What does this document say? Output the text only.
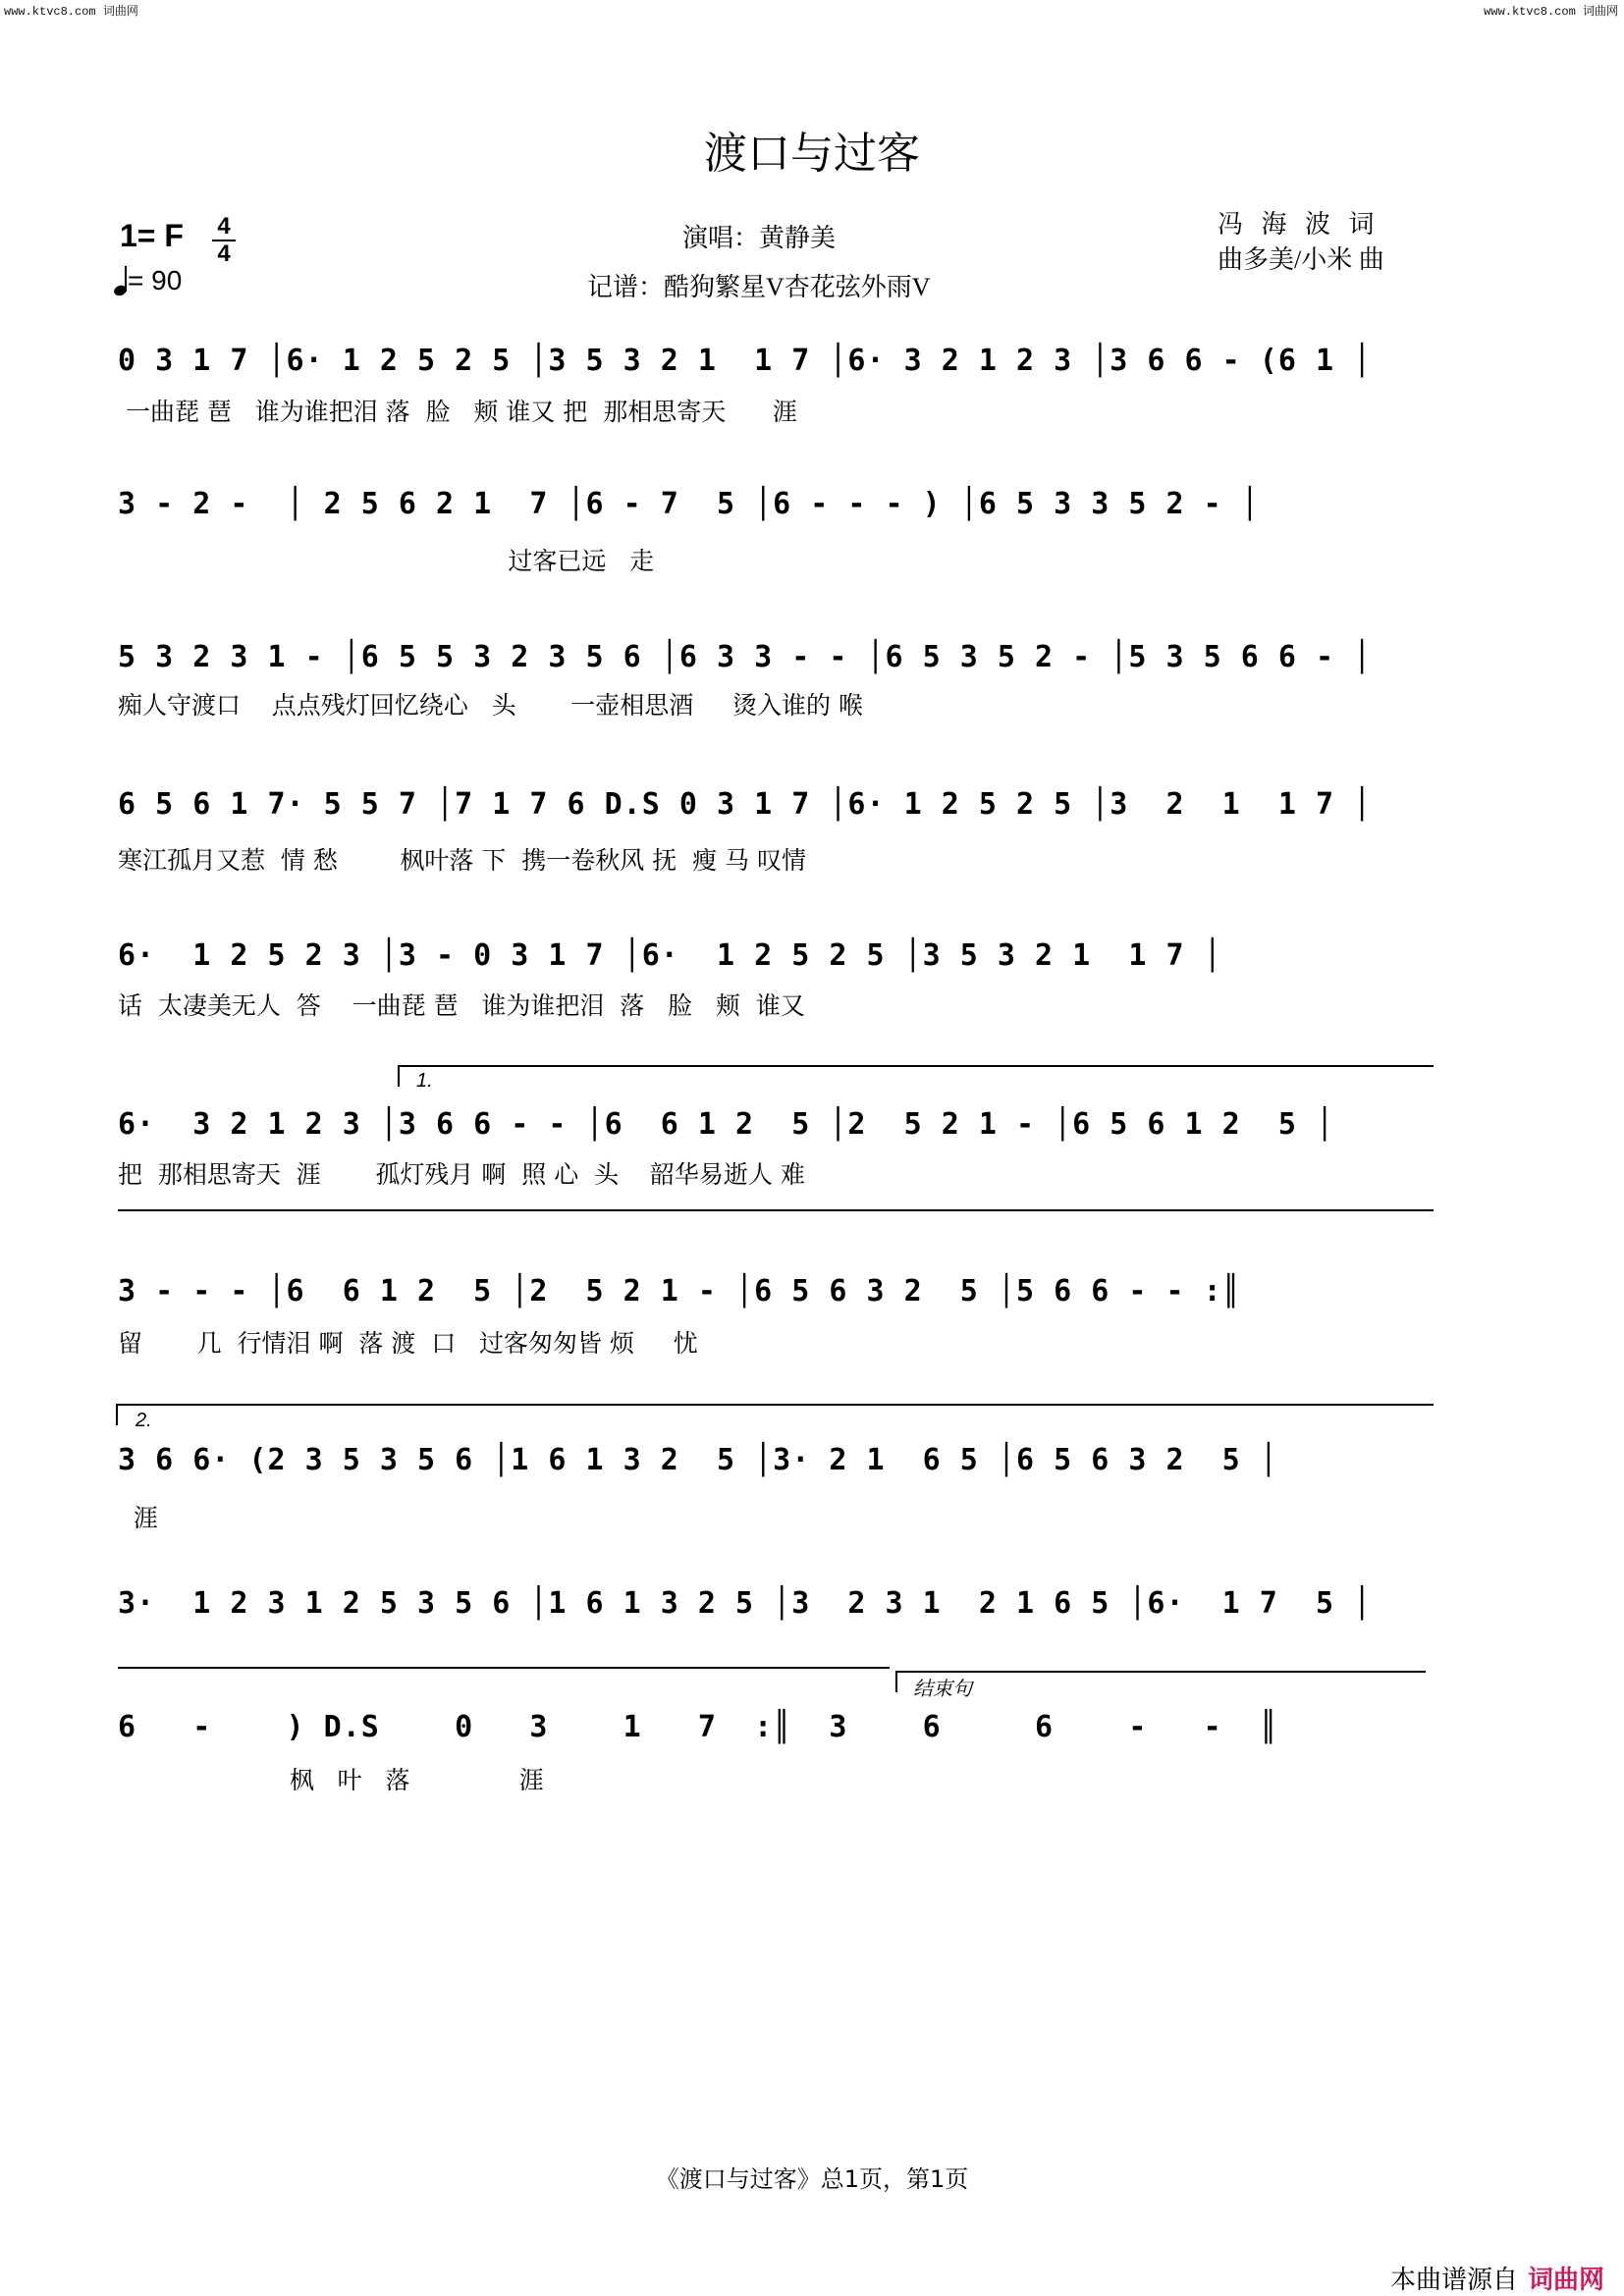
www.ktvc8.com 词曲网	www.ktvc8.com 词曲网
渡口与过客
1= F 4
4
= 90
演唱：黄静美
记谱：酷狗繁星V杏花弦外雨V
冯 海 波 词
曲多美/小米 曲
0 3 1 7 │6· 1 2 5 2 5 │3 5 3 2 1  1 7 │6· 3 2 1 2 3 │3 6 6 - (6 1 │
一曲琵 琶   谁为谁把泪 落  脸   颊 谁又 把  那相思寄天      涯
3 - 2 -  │ 2 5 6 2 1  7 │6 - 7  5 │6 - - - ) │6 5 3 3 5 2 - │
过客已远   走
5 3 2 3 1 - │6 5 5 3 2 3 5 6 │6 3 3 - - │6 5 3 5 2 - │5 3 5 6 6 - │
痴人守渡口    点点残灯回忆绕心   头       一壶相思酒     烫入谁的 喉
6 5 6 1 7· 5 5 7 │7 1 7 6 D.S 0 3 1 7 │6· 1 2 5 2 5 │3  2  1  1 7 │
寒江孤月又惹  情 愁        枫叶落 下  携一卷秋风 抚  瘦 马 叹情
6·  1 2 5 2 3 │3 - 0 3 1 7 │6·  1 2 5 2 5 │3 5 3 2 1  1 7 │
话  太凄美无人  答    一曲琵 琶   谁为谁把泪  落   脸   颊  谁又
1.
6·  3 2 1 2 3 │3 6 6 - - │6  6 1 2  5 │2  5 2 1 - │6 5 6 1 2  5 │
把  那相思寄天  涯       孤灯残月 啊  照 心  头    韶华易逝人 难
3 - - - │6  6 1 2  5 │2  5 2 1 - │6 5 6 3 2  5 │5 6 6 - - :║
留       几  行情泪 啊  落 渡  口   过客匆匆皆 烦     忧
2.
3 6 6· (2 3 5 3 5 6 │1 6 1 3 2  5 │3· 2 1  6 5 │6 5 6 3 2  5 │
涯
3·  1 2 3 1 2 5 3 5 6 │1 6 1 3 2 5 │3  2 3 1  2 1 6 5 │6·  1 7  5 │
结束句
6   -    ) D.S    0   3    1   7  :║  3    6     6    -   -  ║
枫   叶   落              涯
《渡口与过客》总1页，第1页
本曲谱源自 词曲网
